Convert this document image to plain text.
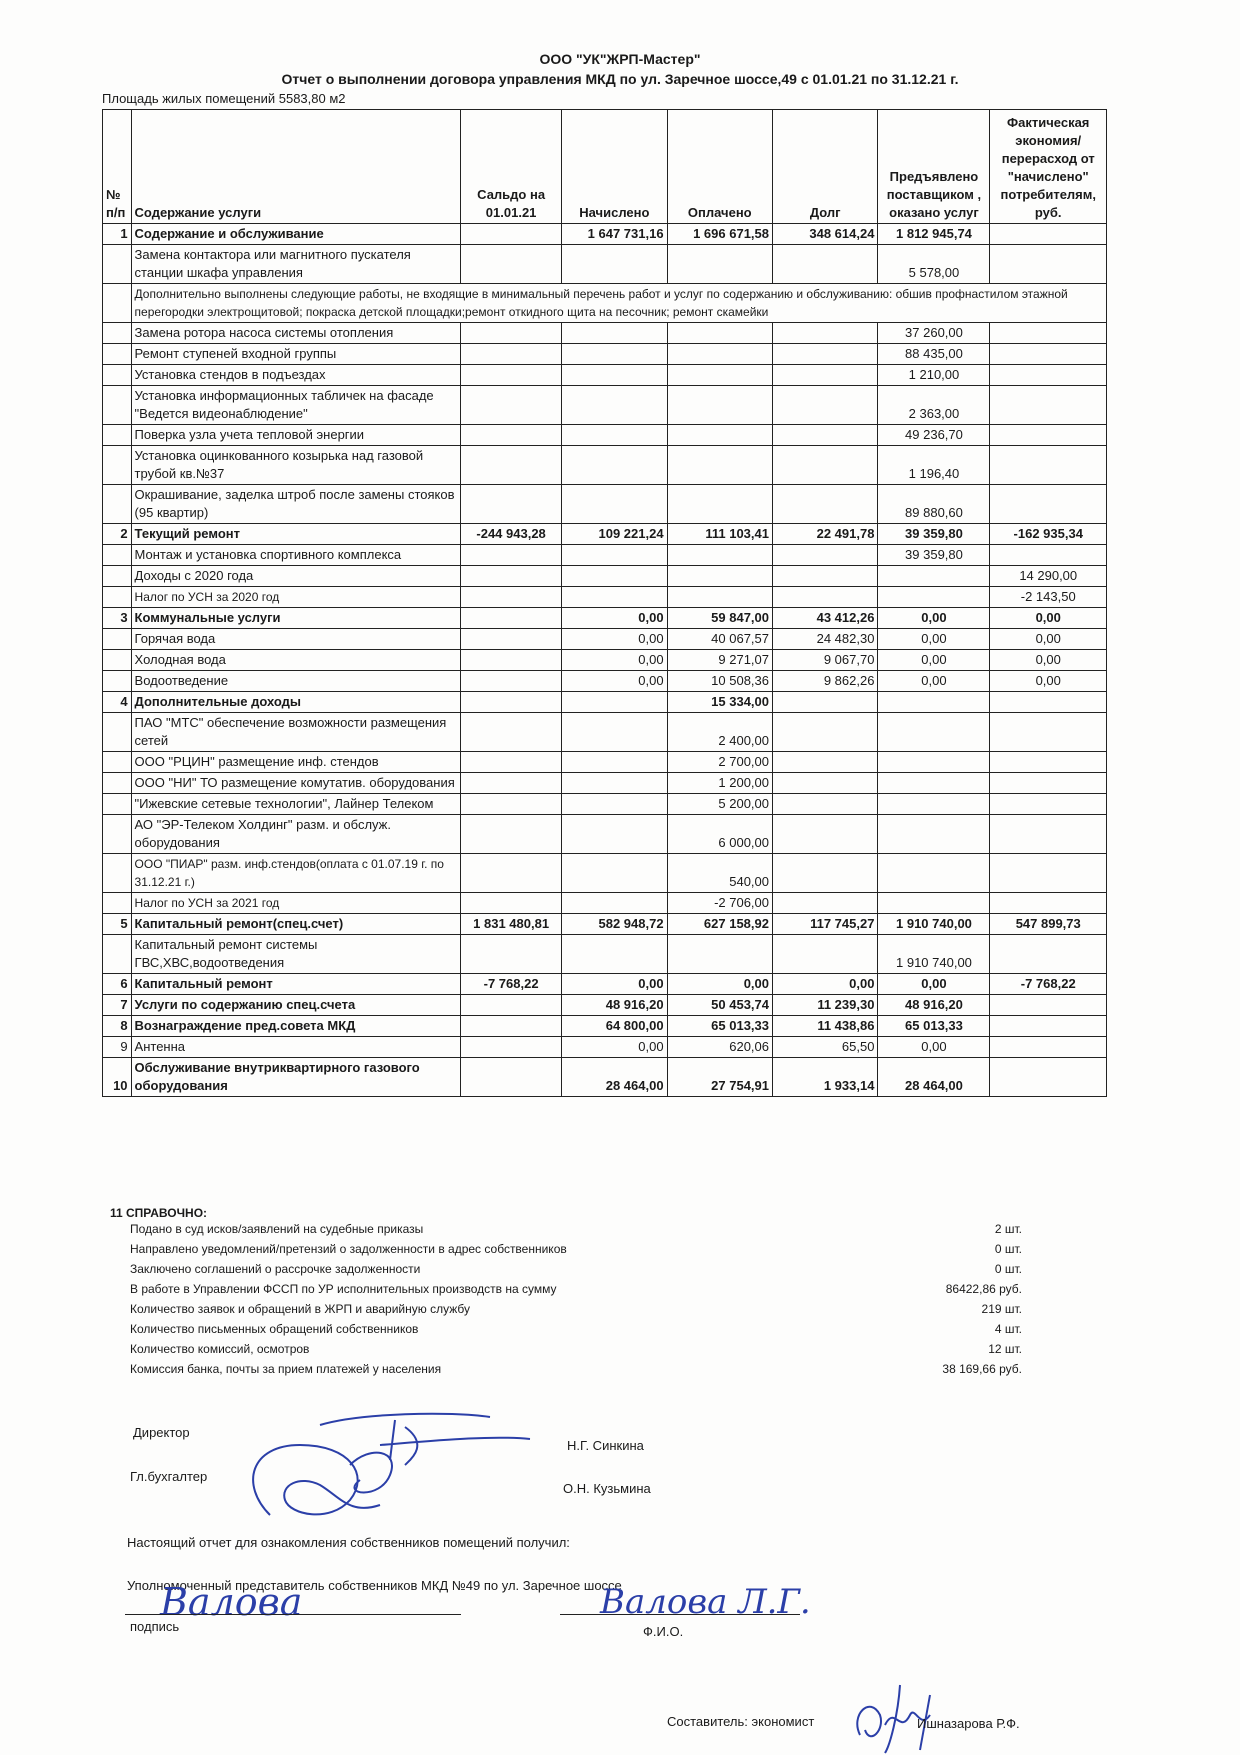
ООО "УК"ЖРП-Мастер"
Отчет о выполнении договора управления МКД по ул. Заречное шоссе,49 с 01.01.21 по 31.12.21 г.
Площадь жилых помещений 5583,80 м2
№ п/п	Содержание услуги	Сальдо на 01.01.21	Начислено	Оплачено	Долг	Предъявлено поставщиком , оказано услуг	Фактическая экономия/перерасход от "начислено" потребителям, руб.
1	Содержание и обслуживание		1 647 731,16	1 696 671,58	348 614,24	1 812 945,74	
	Замена контактора или магнитного пускателя станции шкафа управления					5 578,00	
	Дополнительно выполнены следующие работы, не входящие в минимальный перечень работ и услуг по содержанию и обслуживанию: обшив профнастилом этажной перегородки электрощитовой; покраска детской площадки;ремонт откидного щита на песочник; ремонт скамейки						
	Замена ротора насоса системы отопления					37 260,00	
	Ремонт ступеней входной группы					88 435,00	
	Установка стендов в подъездах					1 210,00	
	Установка информационных табличек на фасаде "Ведется видеонаблюдение"					2 363,00	
	Поверка узла учета тепловой энергии					49 236,70	
	Установка оцинкованного козырька над газовой трубой кв.№37					1 196,40	
	Окрашивание, заделка штроб после замены стояков (95 квартир)					89 880,60	
2	Текущий ремонт	-244 943,28	109 221,24	111 103,41	22 491,78	39 359,80	-162 935,34
	Монтаж и установка спортивного комплекса					39 359,80	
	Доходы с 2020 года						14 290,00
	Налог по УСН за 2020 год						-2 143,50
3	Коммунальные услуги		0,00	59 847,00	43 412,26	0,00	0,00
	Горячая вода		0,00	40 067,57	24 482,30	0,00	0,00
	Холодная вода		0,00	9 271,07	9 067,70	0,00	0,00
	Водоотведение		0,00	10 508,36	9 862,26	0,00	0,00
4	Дополнительные доходы			15 334,00			
	ПАО "МТС" обеспечение возможности размещения сетей			2 400,00			
	ООО "РЦИН" размещение инф. стендов			2 700,00			
	ООО "НИ" ТО размещение комутатив. оборудования			1 200,00			
	"Ижевские сетевые технологии", Лайнер Телеком			5 200,00			
	АО "ЭР-Телеком Холдинг" разм. и обслуж. оборудования			6 000,00			
	ООО "ПИАР" разм. инф.стендов(оплата с 01.07.19 г. по 31.12.21 г.)			540,00			
	Налог по УСН за 2021 год			-2 706,00			
5	Капитальный ремонт(спец.счет)	1 831 480,81	582 948,72	627 158,92	117 745,27	1 910 740,00	547 899,73
	Капитальный ремонт системы ГВС,ХВС,водоотведения					1 910 740,00	
6	Капитальный ремонт	-7 768,22	0,00	0,00	0,00	0,00	-7 768,22
7	Услуги по содержанию спец.счета		48 916,20	50 453,74	11 239,30	48 916,20	
8	Вознаграждение пред.совета МКД		64 800,00	65 013,33	11 438,86	65 013,33	
9	Антенна		0,00	620,06	65,50	0,00	
10	Обслуживание внутриквартирного газового оборудования		28 464,00	27 754,91	1 933,14	28 464,00	
11 СПРАВОЧНО:
Подано в суд исков/заявлений на судебные приказы	2 шт.
Направлено уведомлений/претензий о задолженности в адрес собственников	0 шт.
Заключено соглашений о рассрочке задолженности	0 шт.
В работе в Управлении ФССП по УР исполнительных производств на сумму	86422,86 руб.
Количество заявок и обращений в ЖРП и аварийную службу	219 шт.
Количество письменных обращений собственников	4 шт.
Количество комиссий, осмотров	12 шт.
Комиссия банка, почты за прием платежей у населения	38 169,66 руб.
Директор
Н.Г. Синкина
Гл.бухгалтер
О.Н. Кузьмина
Настоящий отчет для ознакомления собственников помещений получил:
Уполномоченный представитель собственников МКД №49 по ул. Заречное шоссе
Валова	Валова Л.Г.
подпись	Ф.И.О.
Составитель: экономист	Ишназарова Р.Ф.
